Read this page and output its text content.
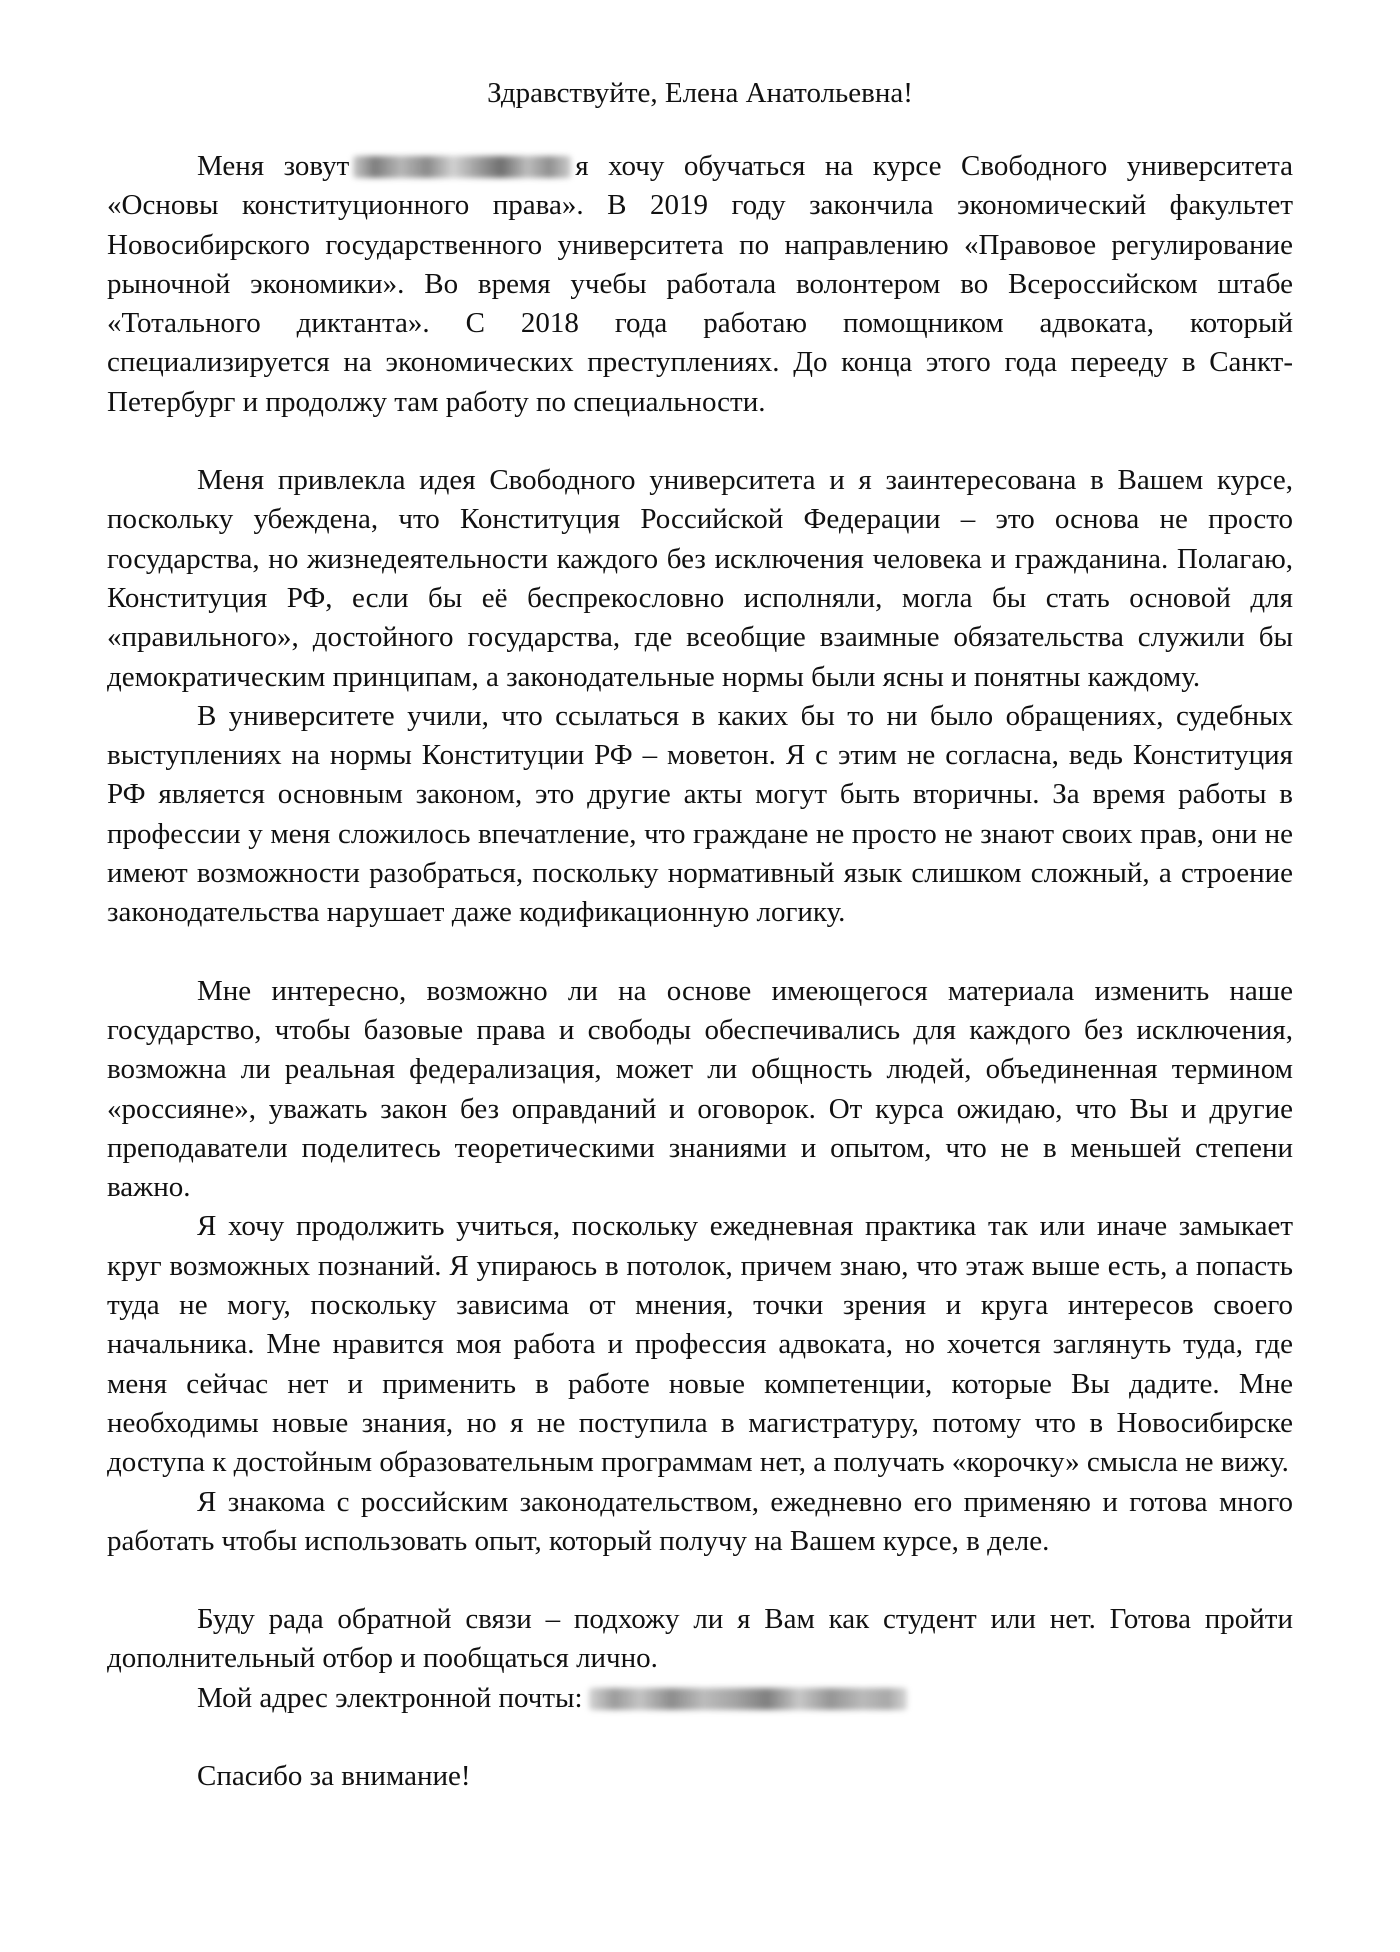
Здравствуйте, Елена Анатольевна!

Меня зовут	я хочу обучаться на курсе Свободного университета «Основы конституционного права». В 2019 году закончила экономический факультет Новосибирского государственного университета по направлению «Правовое регулирование рыночной экономики». Во время учебы работала волонтером во Всероссийском штабе «Тотального диктанта». С 2018 года работаю помощником адвоката, который специализируется на экономических преступлениях. До конца этого года перееду в Санкт-Петербург и продолжу там работу по специальности.

Меня привлекла идея Свободного университета и я заинтересована в Вашем курсе, поскольку убеждена, что Конституция Российской Федерации – это основа не просто государства, но жизнедеятельности каждого без исключения человека и гражданина. Полагаю, Конституция РФ, если бы её беспрекословно исполняли, могла бы стать основой для «правильного», достойного государства, где всеобщие взаимные обязательства служили бы демократическим принципам, а законодательные нормы были ясны и понятны каждому.

В университете учили, что ссылаться в каких бы то ни было обращениях, судебных выступлениях на нормы Конституции РФ – моветон. Я с этим не согласна, ведь Конституция РФ является основным законом, это другие акты могут быть вторичны. За время работы в профессии у меня сложилось впечатление, что граждане не просто не знают своих прав, они не имеют возможности разобраться, поскольку нормативный язык слишком сложный, а строение законодательства нарушает даже кодификационную логику.

Мне интересно, возможно ли на основе имеющегося материала изменить наше государство, чтобы базовые права и свободы обеспечивались для каждого без исключения, возможна ли реальная федерализация, может ли общность людей, объединенная термином «россияне», уважать закон без оправданий и оговорок. От курса ожидаю, что Вы и другие преподаватели поделитесь теоретическими знаниями и опытом, что не в меньшей степени важно.

Я хочу продолжить учиться, поскольку ежедневная практика так или иначе замыкает круг возможных познаний. Я упираюсь в потолок, причем знаю, что этаж выше есть, а попасть туда не могу, поскольку зависима от мнения, точки зрения и круга интересов своего начальника. Мне нравится моя работа и профессия адвоката, но хочется заглянуть туда, где меня сейчас нет и применить в работе новые компетенции, которые Вы дадите. Мне необходимы новые знания, но я не поступила в магистратуру, потому что в Новосибирске доступа к достойным образовательным программам нет, а получать «корочку» смысла не вижу.

Я знакома с российским законодательством, ежедневно его применяю и готова много работать чтобы использовать опыт, который получу на Вашем курсе, в деле.

Буду рада обратной связи – подхожу ли я Вам как студент или нет. Готова пройти дополнительный отбор и пообщаться лично.

Мой адрес электронной почты:
Спасибо за внимание!
